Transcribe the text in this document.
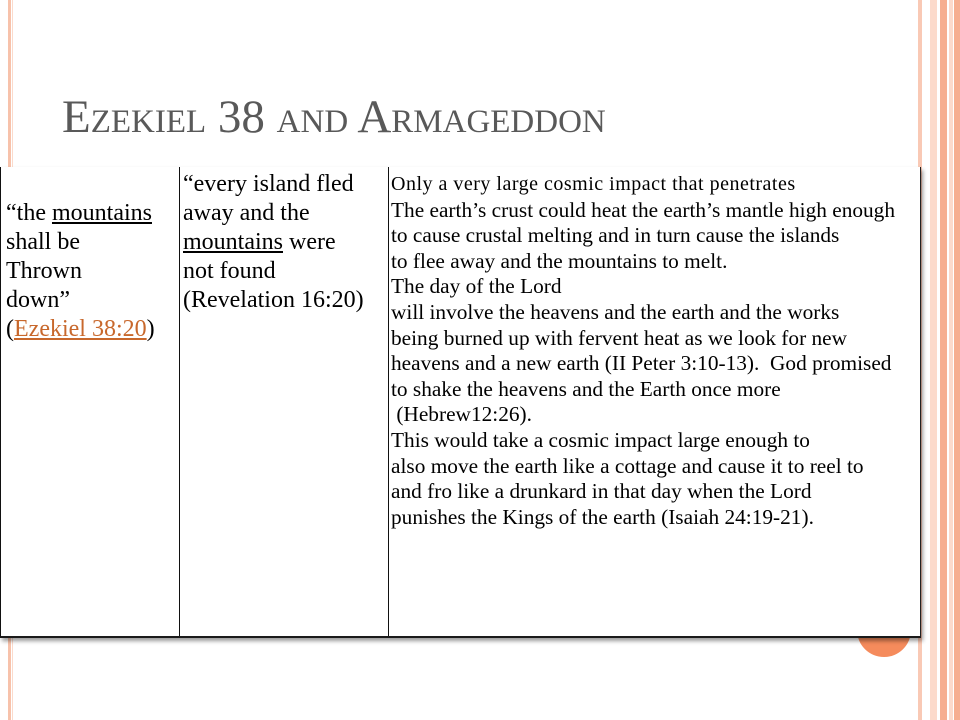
Ezekiel 38 and Armageddon
“the mountains
shall be
Thrown
down”
(Ezekiel 38:20)
“every island fled
away and the
mountains were
not found
(Revelation 16:20)
Only a very large cosmic impact that penetrates
The earth’s crust could heat the earth’s mantle high enough
to cause crustal melting and in turn cause the islands
to flee away and the mountains to melt.
The day of the Lord
will involve the heavens and the earth and the works
being burned up with fervent heat as we look for new
heavens and a new earth (II Peter 3:10-13).  God promised
to shake the heavens and the Earth once more
(Hebrew12:26).
This would take a cosmic impact large enough to
also move the earth like a cottage and cause it to reel to
and fro like a drunkard in that day when the Lord
punishes the Kings of the earth (Isaiah 24:19-21).
